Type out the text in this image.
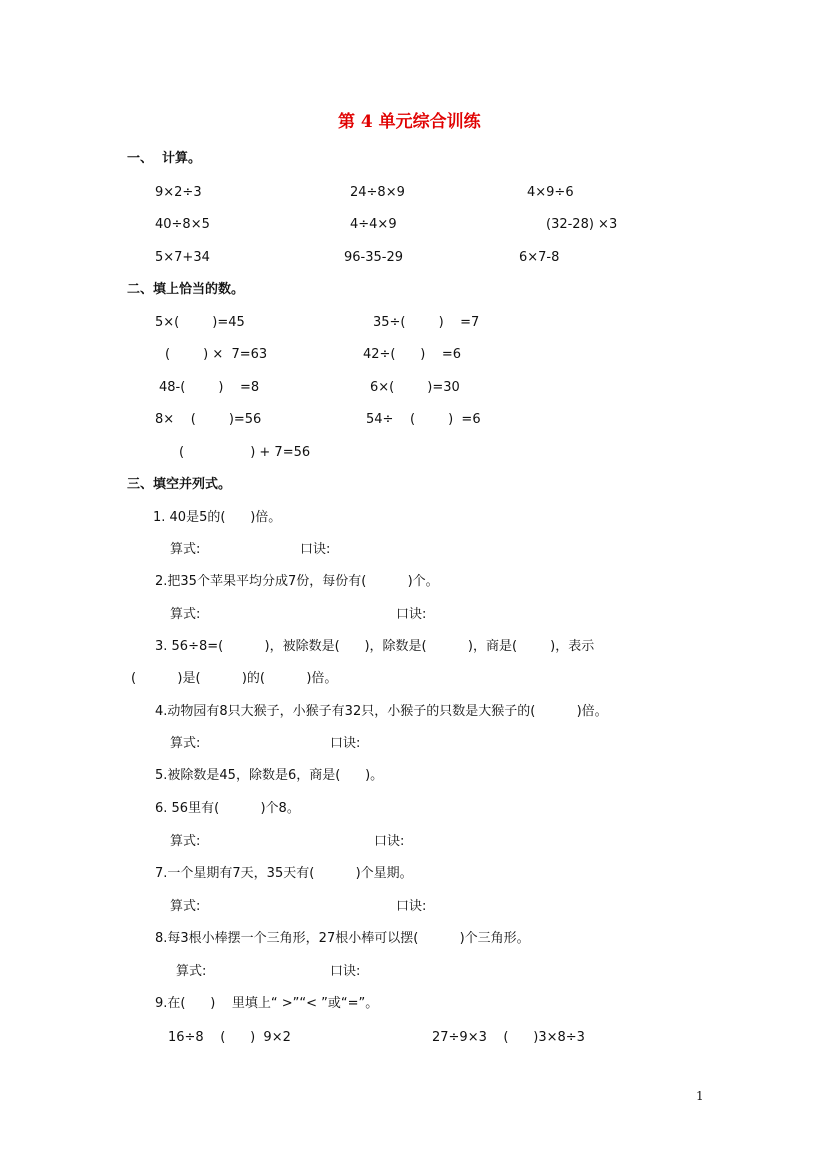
第 4 单元综合训练
一、  计算。
9×2÷3	24÷8×9	4×9÷6
40÷8×5	4÷4×9	(32-28) ×3
5×7+34	96-35-29	6×7-8
二、填上恰当的数。
5×(        )=45	35÷(        )    =7
(        ) ×  7=63	42÷(      )    =6
48-(        )    =8	6×(        )=30
8×    (        )=56	54÷    (        )  =6
(                ) + 7=56
三、填空并列式。
1. 40是5的(      )倍。
算式:	口诀:
2.把35个苹果平均分成7份，每份有(          )个。
算式:	口诀:
3. 56÷8=(          )，被除数是(      )，除数是(          )，商是(        )，表示
(          )是(          )的(          )倍。
4.动物园有8只大猴子，小猴子有32只，小猴子的只数是大猴子的(          )倍。
算式:	口诀:
5.被除数是45，除数是6，商是(      )。
6. 56里有(          )个8。
算式:	口诀:
7.一个星期有7天，35天有(          )个星期。
算式:	口诀:
8.每3根小棒摆一个三角形，27根小棒可以摆(          )个三角形。
算式:	口诀:
9.在(      )    里填上“ >”“< ”或“=”。
16÷8    (      )  9×2	27÷9×3    (      )3×8÷3
1
